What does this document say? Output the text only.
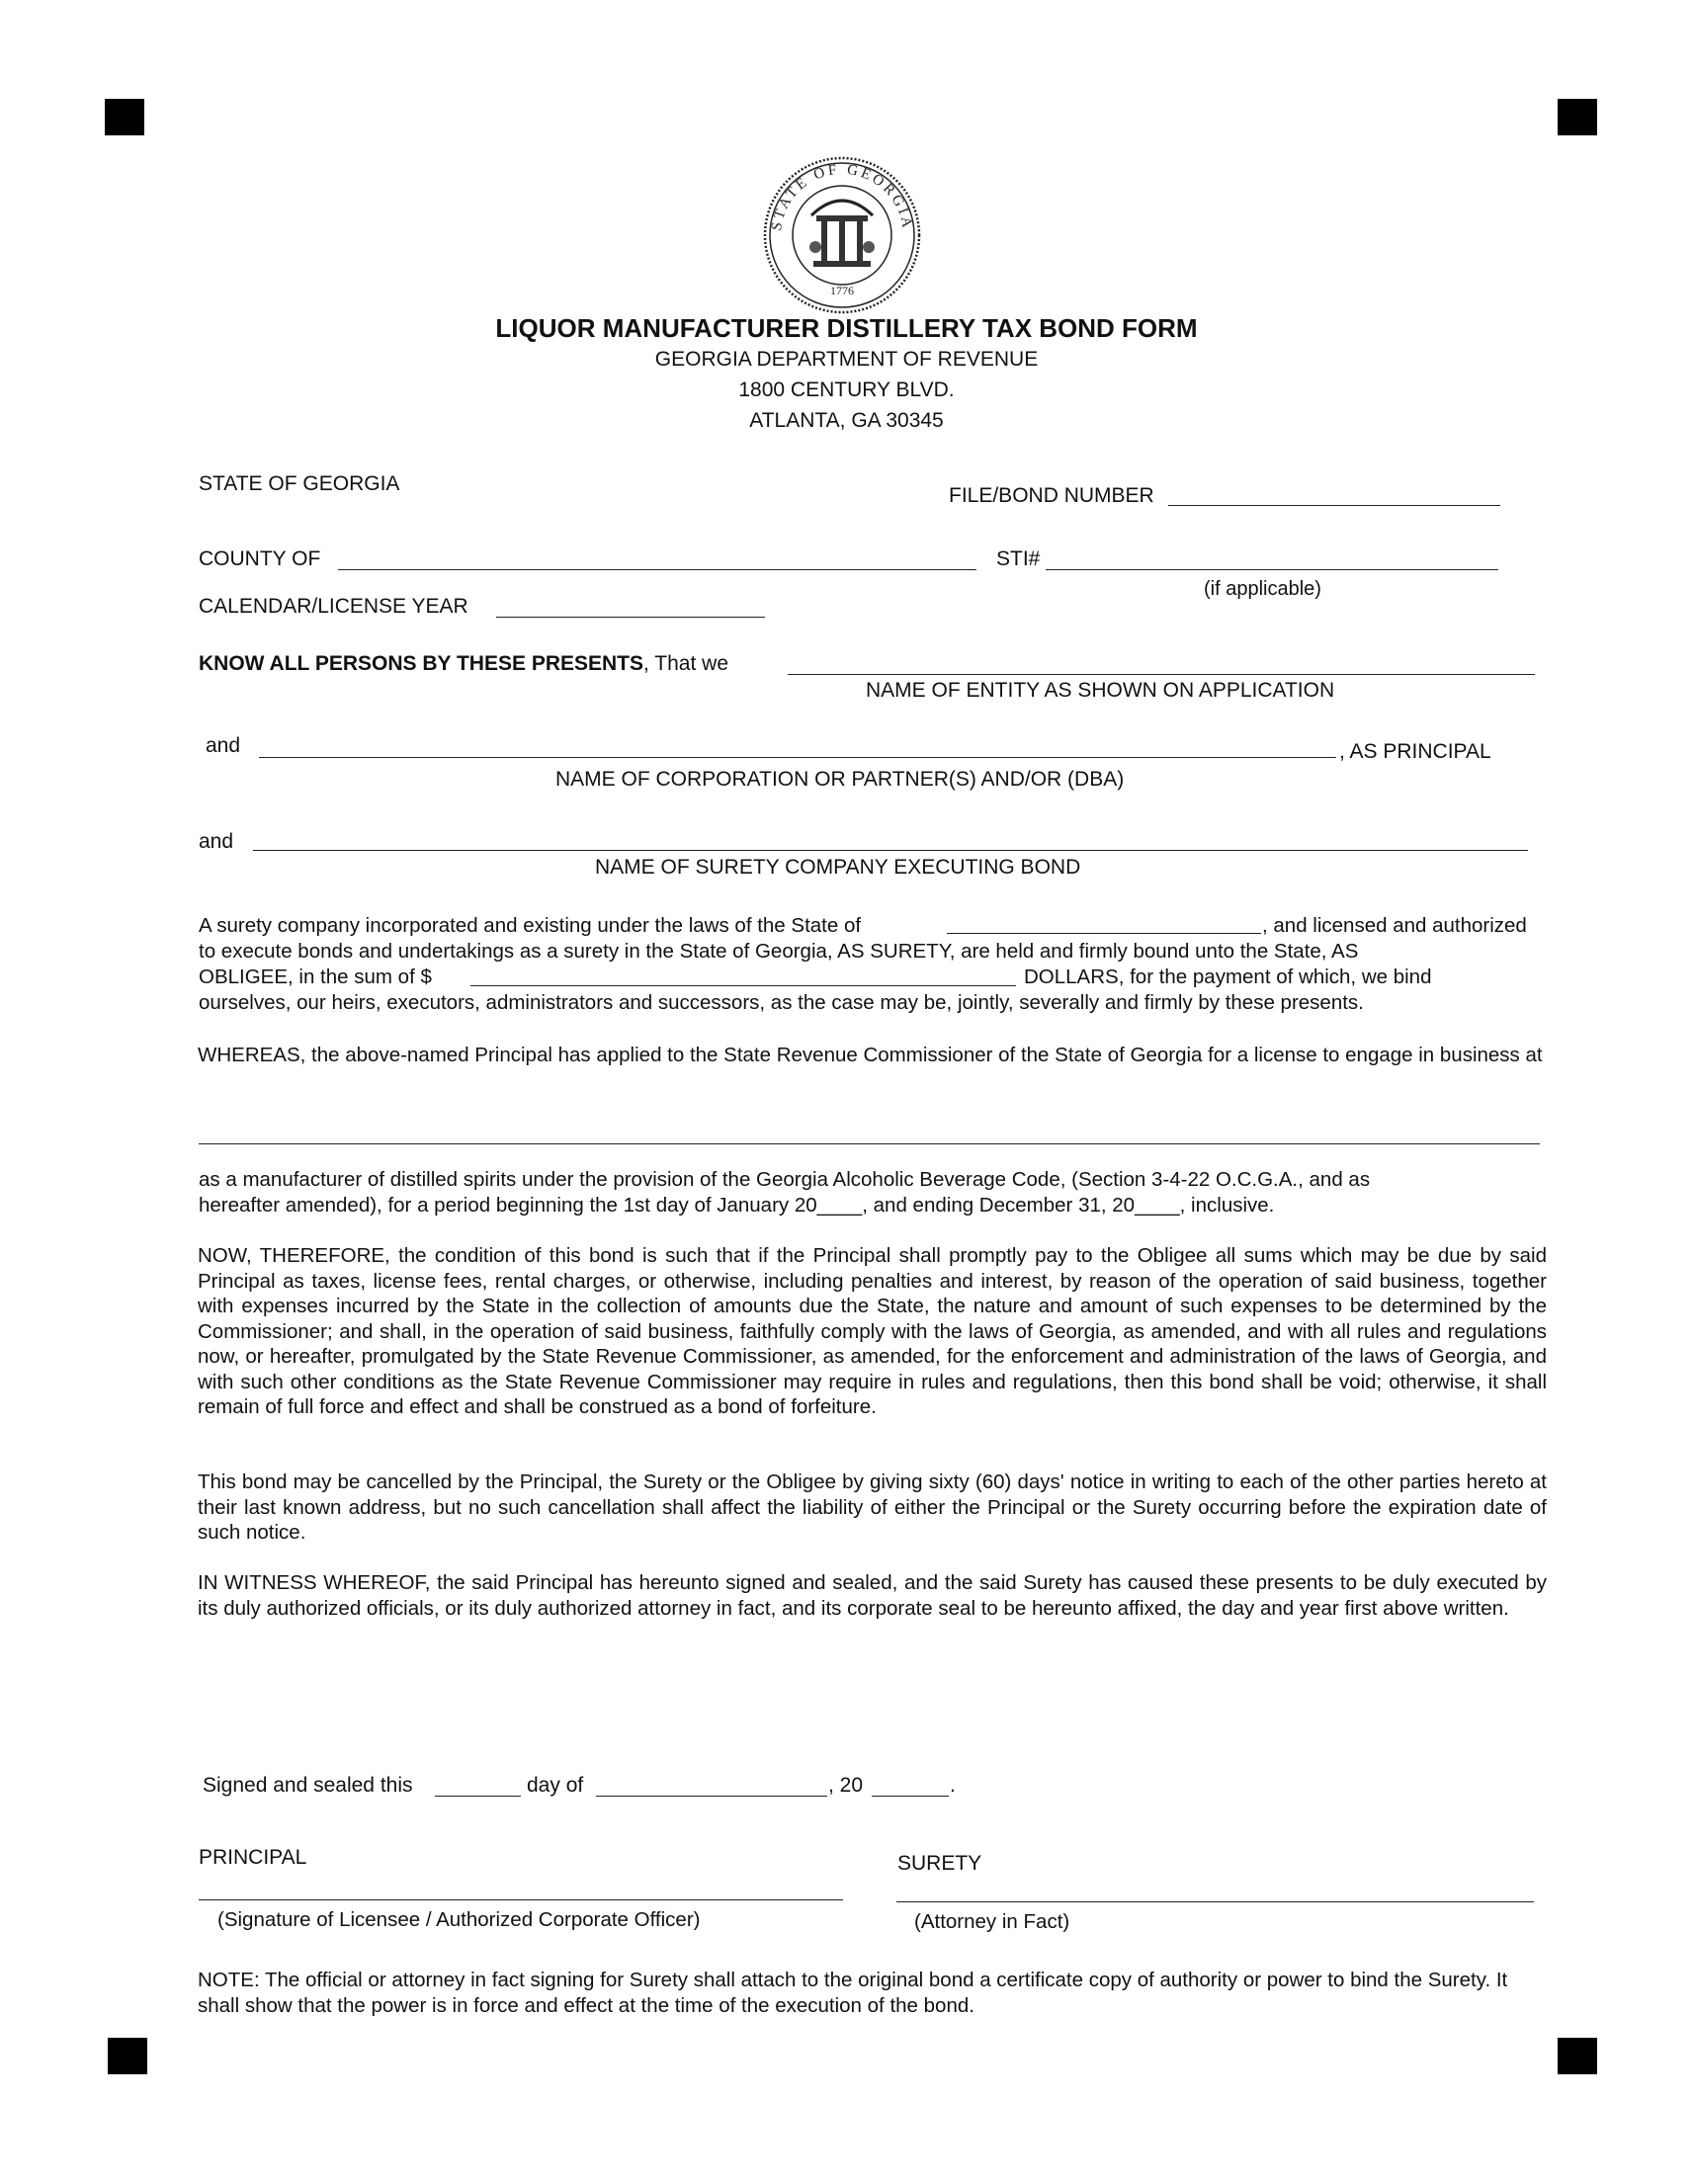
STATE OF GEORGIA
1776
LIQUOR MANUFACTURER DISTILLERY TAX BOND FORM
GEORGIA DEPARTMENT OF REVENUE
1800 CENTURY BLVD.
ATLANTA, GA 30345
STATE OF GEORGIA
FILE/BOND NUMBER
COUNTY OF	STI#
(if applicable)
CALENDAR/LICENSE YEAR
KNOW ALL PERSONS BY THESE PRESENTS, That we
NAME OF ENTITY AS SHOWN ON APPLICATION
and	, AS PRINCIPAL
NAME OF CORPORATION OR PARTNER(S) AND/OR (DBA)
and
NAME OF SURETY COMPANY EXECUTING BOND
A surety company incorporated and existing under the laws of the State of	, and licensed and authorized
to execute bonds and undertakings as a surety in the State of Georgia, AS SURETY, are held and firmly bound unto the State, AS
OBLIGEE, in the sum of $	DOLLARS, for the payment of which, we bind
ourselves, our heirs, executors, administrators and successors, as the case may be, jointly, severally and firmly by these presents.

WHEREAS, the above-named Principal has applied to the State Revenue Commissioner of the State of Georgia for a license to engage in business at

as a manufacturer of distilled spirits under the provision of the Georgia Alcoholic Beverage Code, (Section 3-4-22 O.C.G.A., and as
hereafter amended), for a period beginning the 1st day of January 20____, and ending December 31, 20____, inclusive.

NOW, THEREFORE, the condition of this bond is such that if the Principal shall promptly pay to the Obligee all sums which may be due by said Principal as taxes, license fees, rental charges, or otherwise, including penalties and interest, by reason of the operation of said business, together with expenses incurred by the State in the collection of amounts due the State, the nature and amount of such expenses to be determined by the Commissioner; and shall, in the operation of said business, faithfully comply with the laws of Georgia, as amended, and with all rules and regulations now, or hereafter, promulgated by the State Revenue Commissioner, as amended, for the enforcement and administration of the laws of Georgia, and with such other conditions as the State Revenue Commissioner may require in rules and regulations, then this bond shall be void; otherwise, it shall remain of full force and effect and shall be construed as a bond of forfeiture.

This bond may be cancelled by the Principal, the Surety or the Obligee by giving sixty (60) days' notice in writing to each of the other parties hereto at their last known address, but no such cancellation shall affect the liability of either the Principal or the Surety occurring before the expiration date of such notice.

IN WITNESS WHEREOF, the said Principal has hereunto signed and sealed, and the said Surety has caused these presents to be duly executed by its duly authorized officials, or its duly authorized attorney in fact, and its corporate seal to be hereunto affixed, the day and year first above written.

Signed and sealed this	day of	, 20	.
PRINCIPAL	SURETY
(Signature of Licensee / Authorized Corporate Officer)	(Attorney in Fact)

NOTE: The official or attorney in fact signing for Surety shall attach to the original bond a certificate copy of authority or power to bind the Surety. It shall show that the power is in force and effect at the time of the execution of the bond.
